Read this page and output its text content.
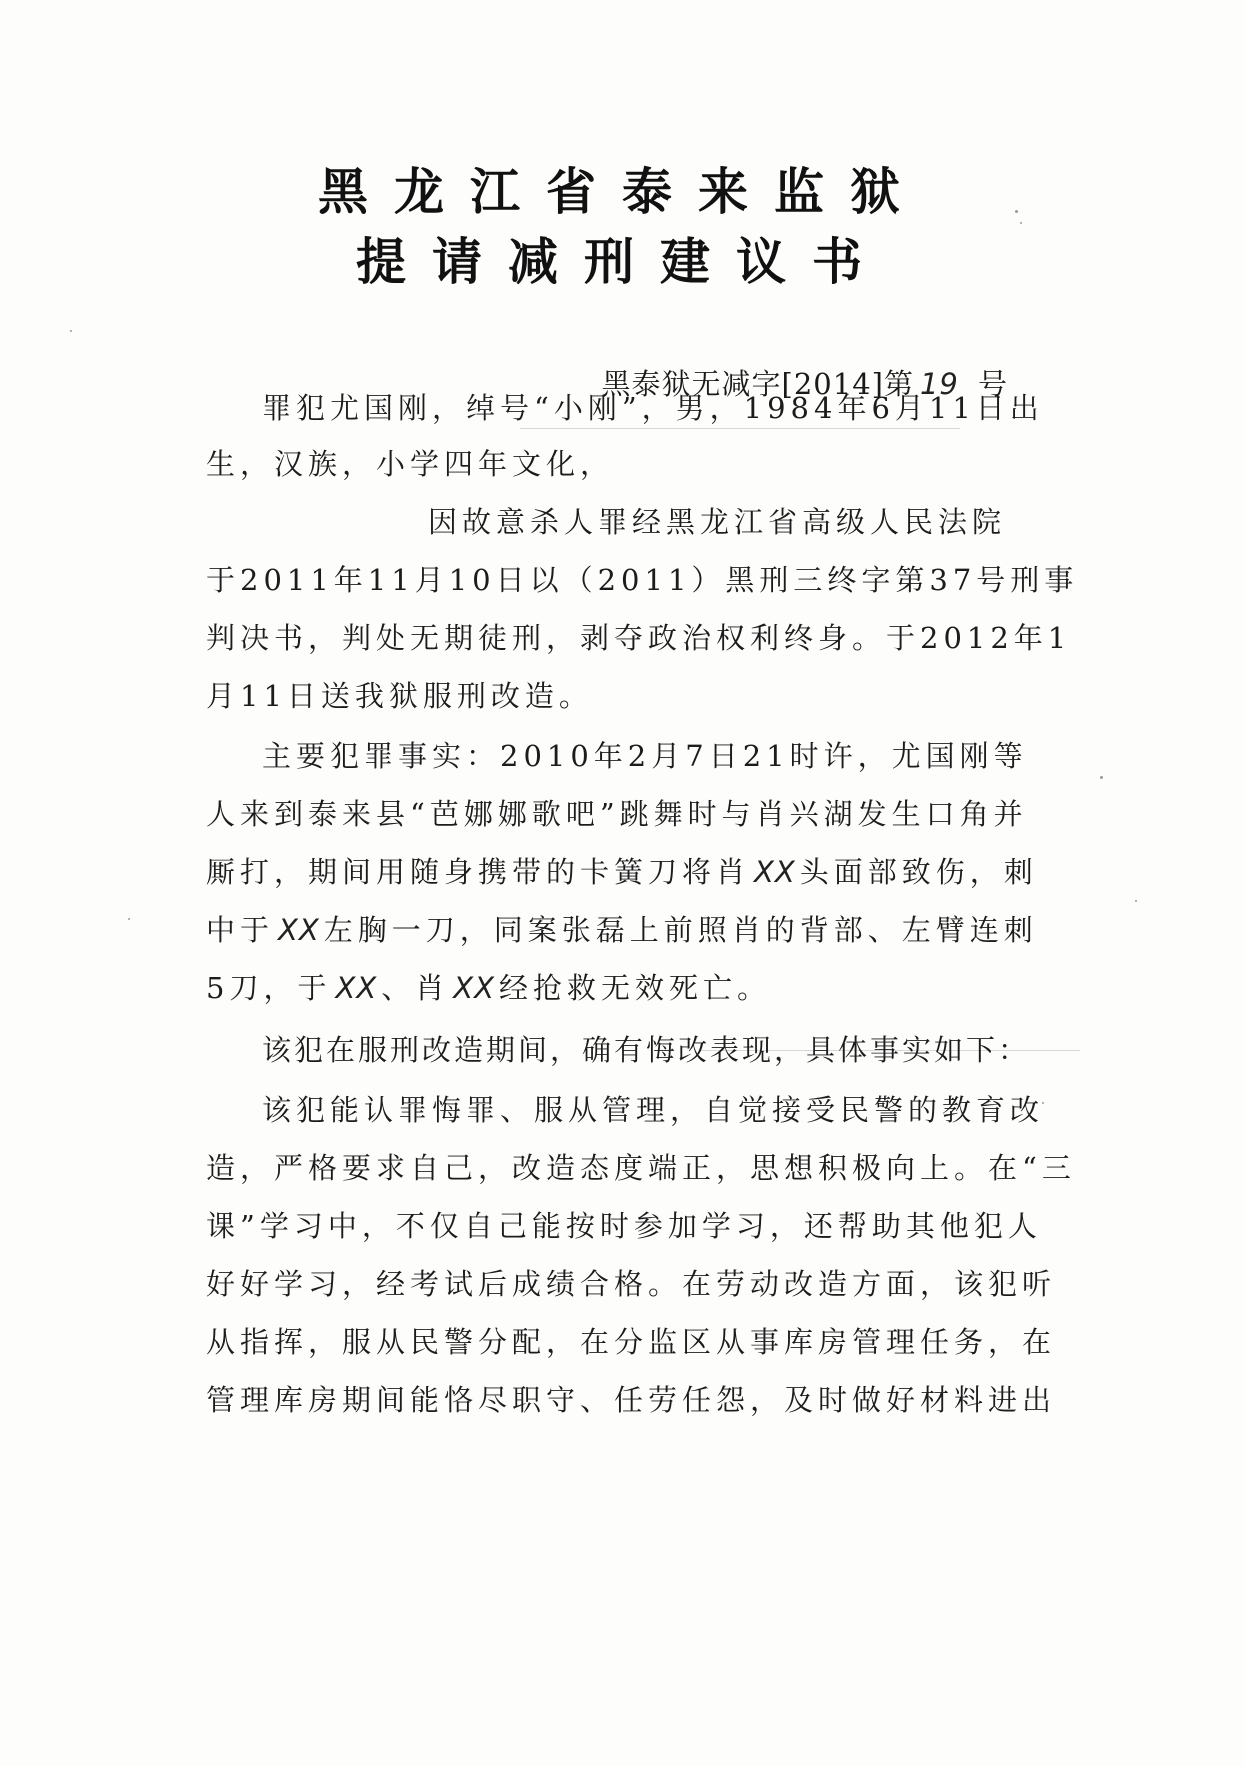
黑龙江省泰来监狱
提请减刑建议书
黑泰狱无减字[2014]第 19 号
罪犯尤国刚，绰号“小刚”，男，1984年6月11日出
生，汉族，小学四年文化，
因故意杀人罪经黑龙江省高级人民法院
于2011年11月10日以（2011）黑刑三终字第37号刑事
判决书，判处无期徒刑，剥夺政治权利终身。于2012年1
月11日送我狱服刑改造。
主要犯罪事实：2010年2月7日21时许，尤国刚等
人来到泰来县“芭娜娜歌吧”跳舞时与肖兴湖发生口角并
厮打，期间用随身携带的卡簧刀将肖 XX 头面部致伤，刺
中于 XX 左胸一刀，同案张磊上前照肖的背部、左臂连刺
5刀，于 XX 、肖 XX 经抢救无效死亡。
该犯在服刑改造期间，确有悔改表现，具体事实如下：
该犯能认罪悔罪、服从管理，自觉接受民警的教育改
造，严格要求自己，改造态度端正，思想积极向上。在“三
课”学习中，不仅自己能按时参加学习，还帮助其他犯人
好好学习，经考试后成绩合格。在劳动改造方面，该犯听
从指挥，服从民警分配，在分监区从事库房管理任务，在
管理库房期间能恪尽职守、任劳任怨，及时做好材料进出
